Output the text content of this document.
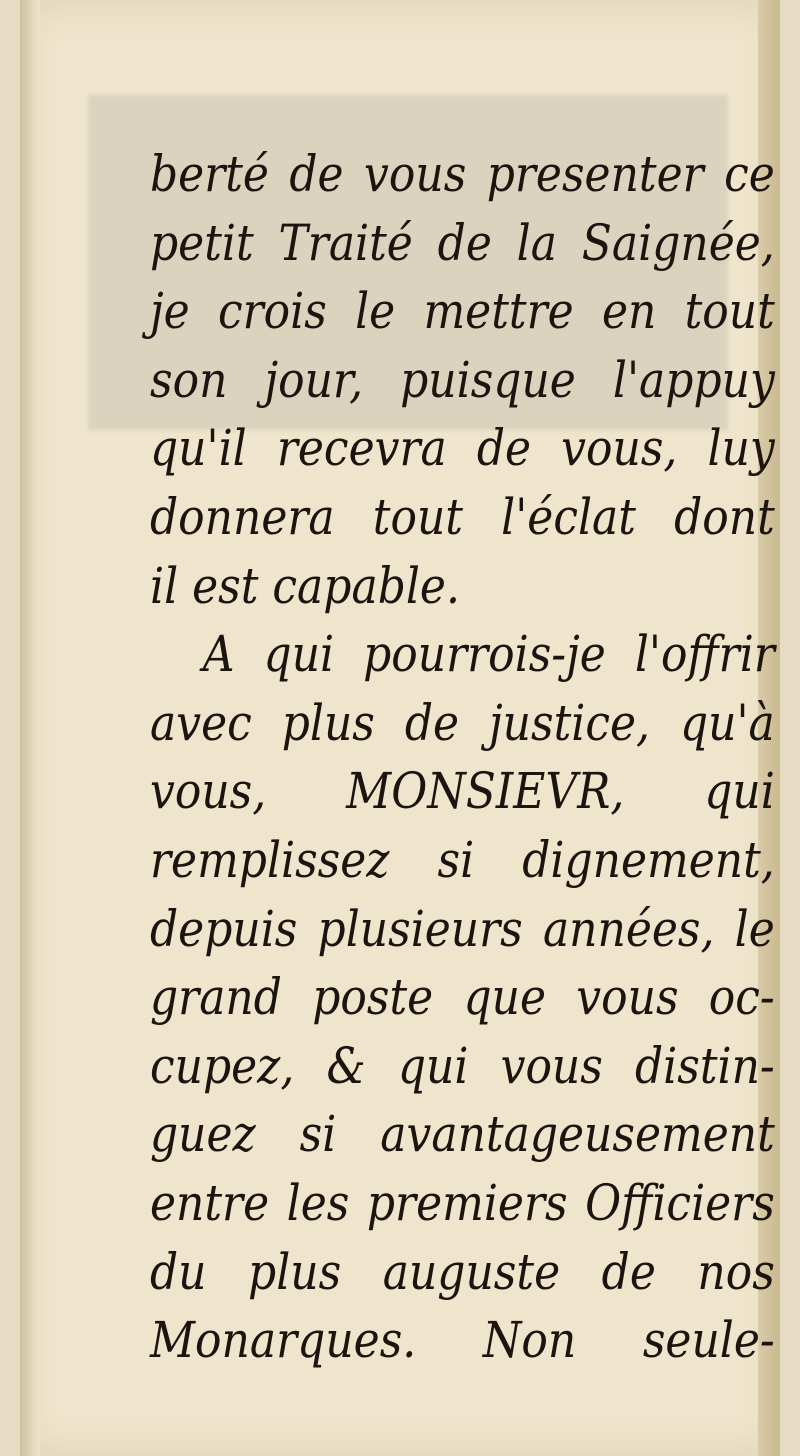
berté de vous presenter ce
petit Traité de la Saignée,
je crois le mettre en tout
son jour, puisque l'appuy
qu'il recevra de vous, luy
donnera tout l'éclat dont
il est capable.
A qui pourrois-je l'offrir
avec plus de justice, qu'à
vous, MONSIEVR, qui
remplissez si dignement,
depuis plusieurs années, le
grand poste que vous oc-
cupez, & qui vous distin-
guez si avantageusement
entre les premiers Officiers
du plus auguste de nos
Monarques. Non seule-
